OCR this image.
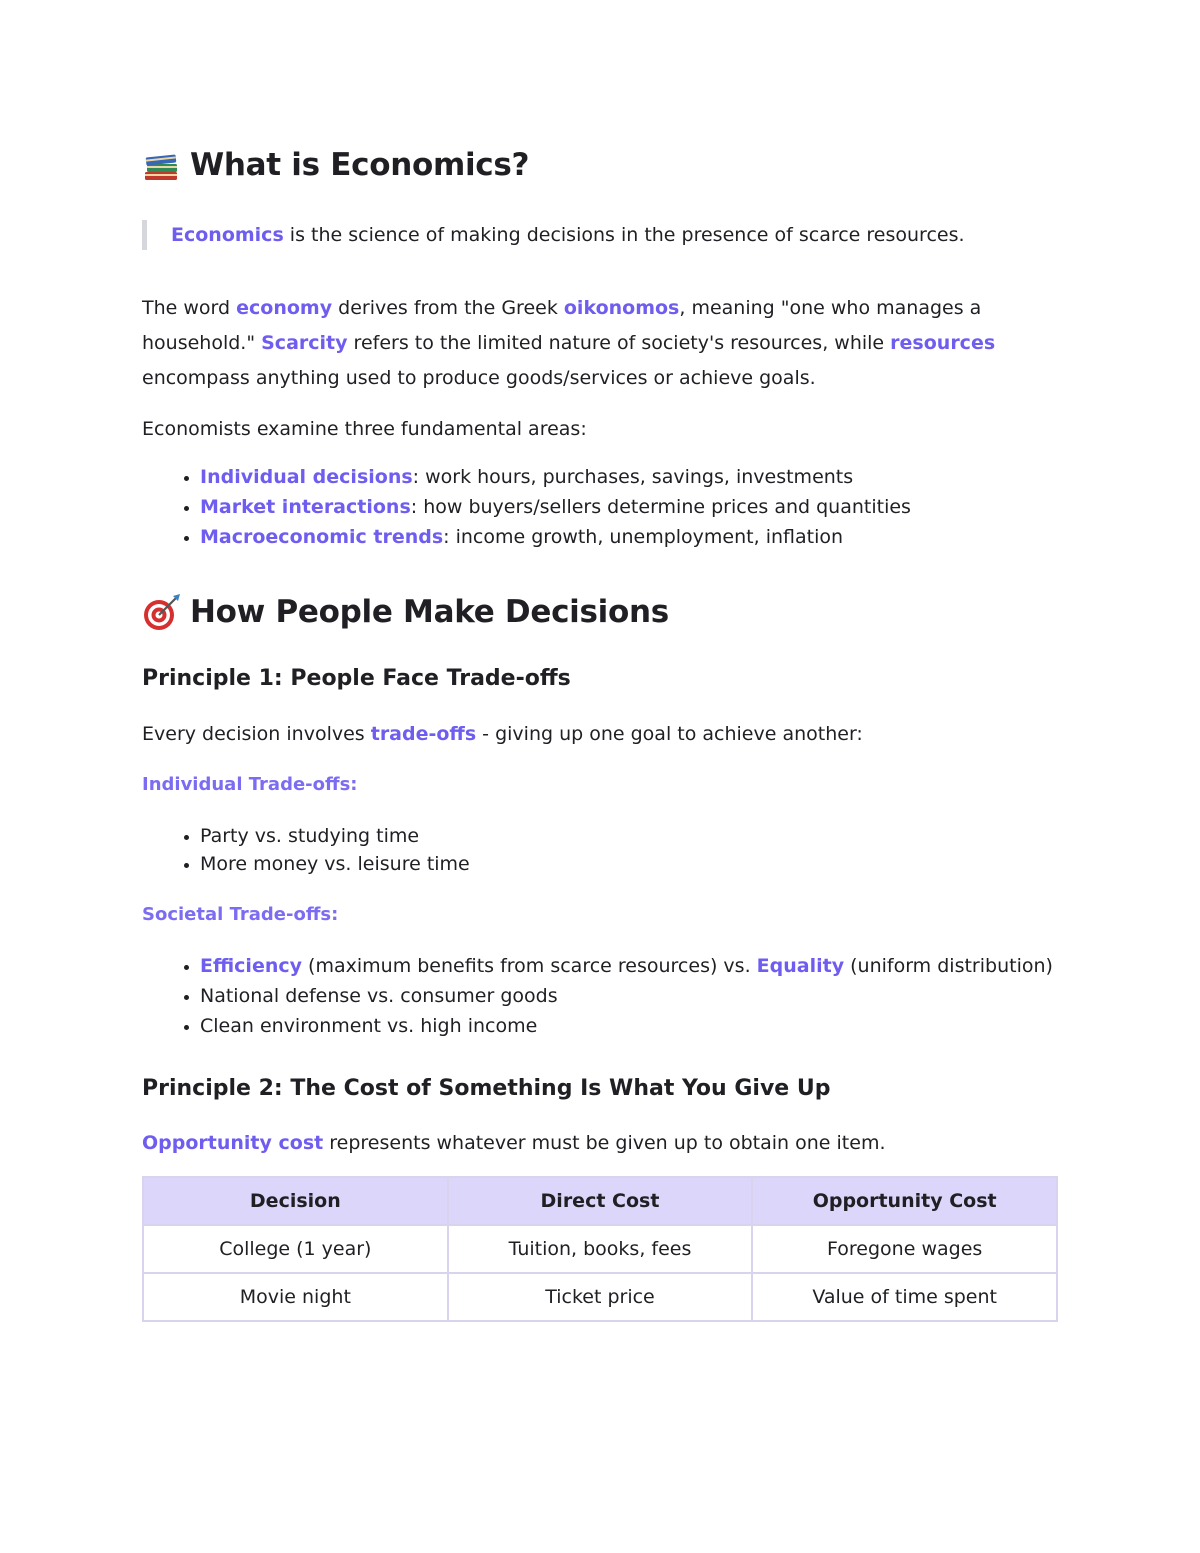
What is Economics?
Economics is the science of making decisions in the presence of scarce resources.

The word economy derives from the Greek oikonomos, meaning "one who manages a household." Scarcity refers to the limited nature of society's resources, while resources encompass anything used to produce goods/services or achieve goals.

Economists examine three fundamental areas:

• Individual decisions: work hours, purchases, savings, investments
• Market interactions: how buyers/sellers determine prices and quantities
• Macroeconomic trends: income growth, unemployment, inflation
How People Make Decisions
Principle 1: People Face Trade-offs

Every decision involves trade-offs - giving up one goal to achieve another:

Individual Trade-offs:
• Party vs. studying time
• More money vs. leisure time
Societal Trade-offs:
• Efficiency (maximum benefits from scarce resources) vs. Equality (uniform distribution)
• National defense vs. consumer goods
• Clean environment vs. high income
Principle 2: The Cost of Something Is What You Give Up

Opportunity cost represents whatever must be given up to obtain one item.

Decision	Direct Cost	Opportunity Cost
College (1 year)	Tuition, books, fees	Foregone wages
Movie night	Ticket price	Value of time spent
